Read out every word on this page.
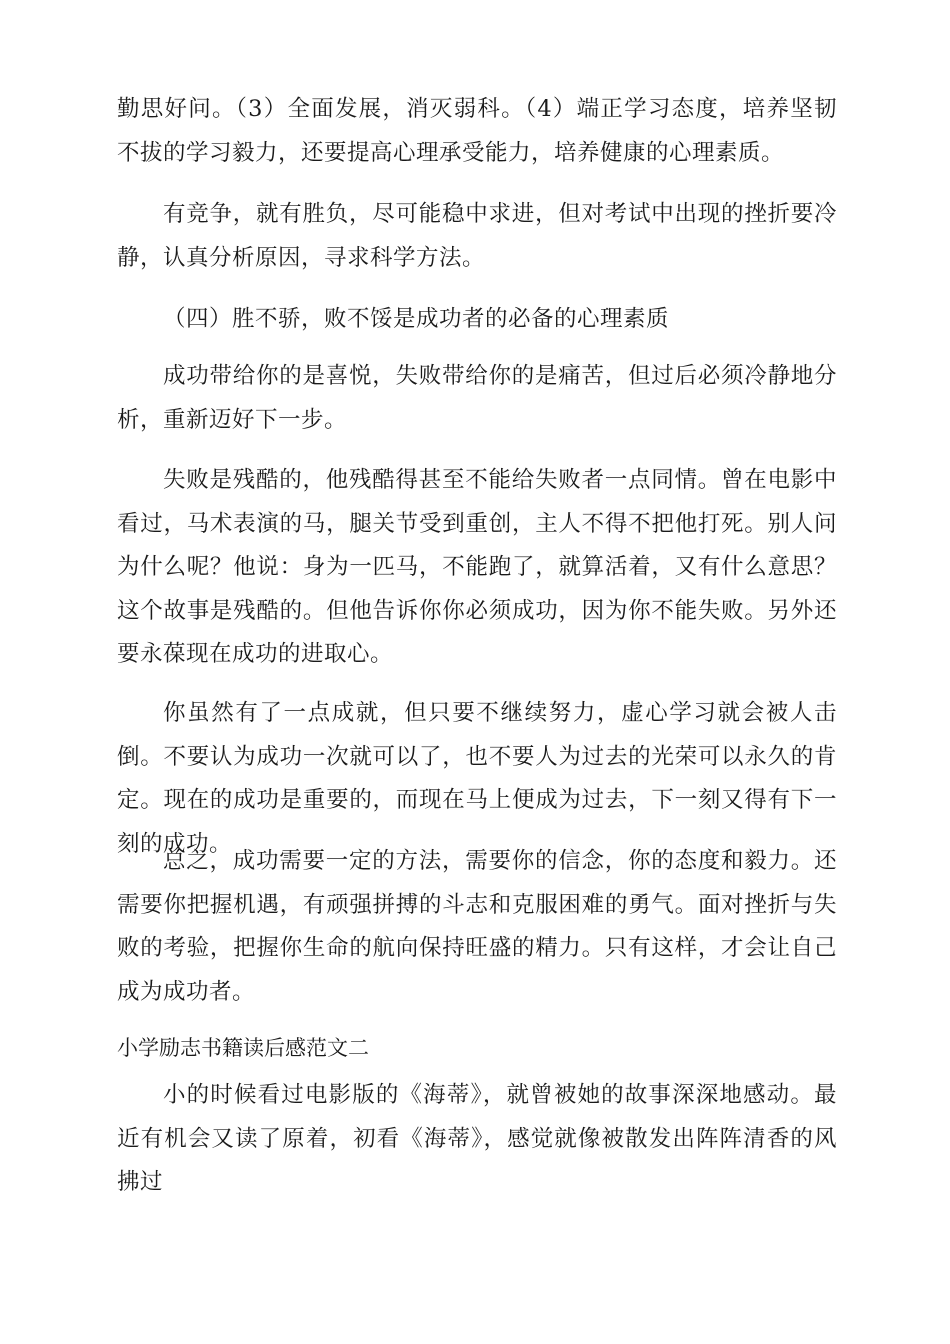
勤思好问。（3）全面发展，消灭弱科。（4）端正学习态度，培养坚韧不拔的学习毅力，还要提高心理承受能力，培养健康的心理素质。

有竞争，就有胜负，尽可能稳中求进，但对考试中出现的挫折要冷静，认真分析原因，寻求科学方法。

（四）胜不骄，败不馁是成功者的必备的心理素质

成功带给你的是喜悦，失败带给你的是痛苦，但过后必须冷静地分析，重新迈好下一步。

失败是残酷的，他残酷得甚至不能给失败者一点同情。曾在电影中看过，马术表演的马，腿关节受到重创，主人不得不把他打死。别人问为什么呢？他说：身为一匹马，不能跑了，就算活着，又有什么意思？这个故事是残酷的。但他告诉你你必须成功，因为你不能失败。另外还要永葆现在成功的进取心。

你虽然有了一点成就，但只要不继续努力，虚心学习就会被人击倒。不要认为成功一次就可以了，也不要人为过去的光荣可以永久的肯定。现在的成功是重要的，而现在马上便成为过去，下一刻又得有下一刻的成功。

总之，成功需要一定的方法，需要你的信念，你的态度和毅力。还需要你把握机遇，有顽强拼搏的斗志和克服困难的勇气。面对挫折与失败的考验，把握你生命的航向保持旺盛的精力。只有这样，才会让自己成为成功者。

小学励志书籍读后感范文二

小的时候看过电影版的《海蒂》，就曾被她的故事深深地感动。最近有机会又读了原着，初看《海蒂》，感觉就像被散发出阵阵清香的风拂过
